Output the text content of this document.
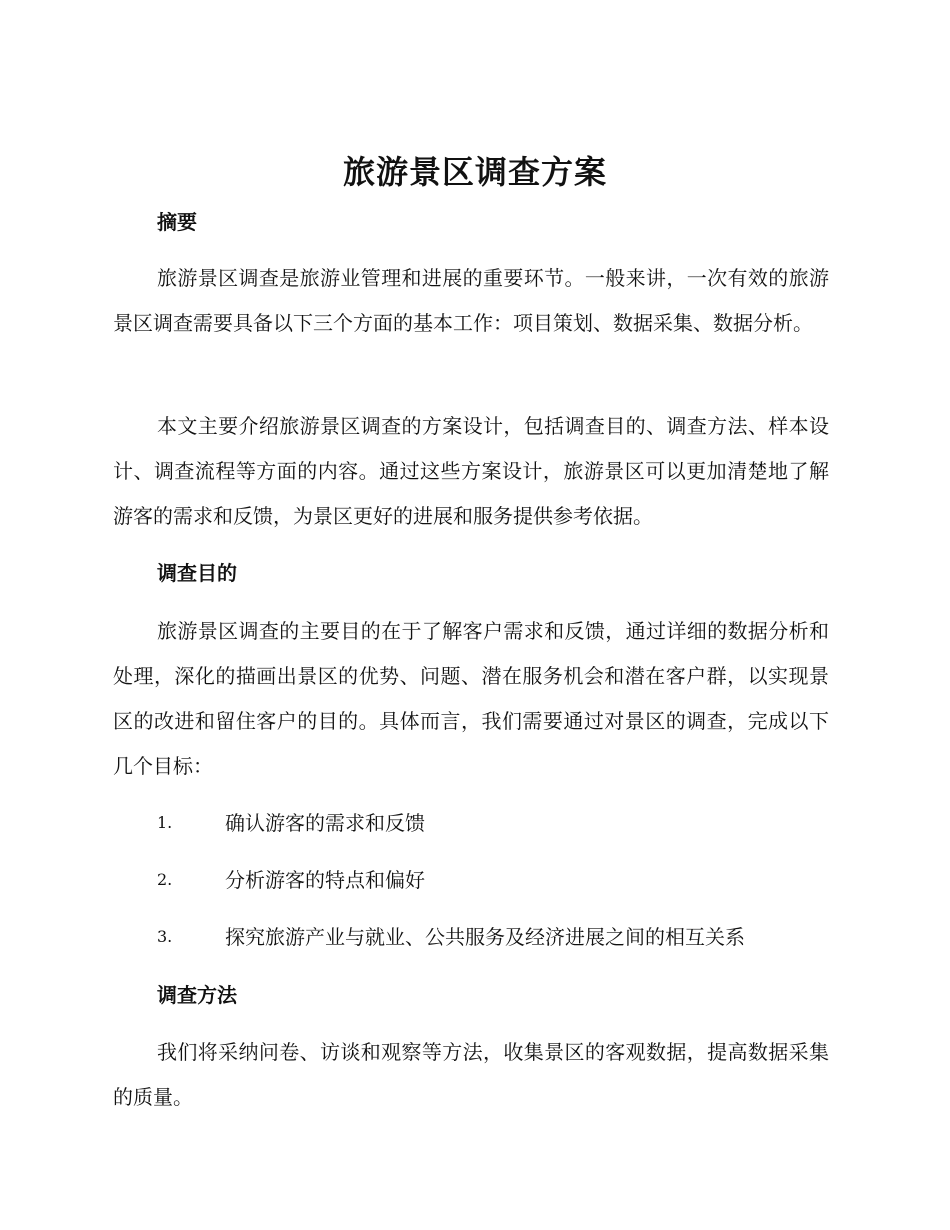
旅游景区调查方案
摘要

旅游景区调查是旅游业管理和进展的重要环节。一般来讲，一次有效的旅游景区调查需要具备以下三个方面的基本工作：项目策划、数据采集、数据分析。

本文主要介绍旅游景区调查的方案设计，包括调查目的、调查方法、样本设计、调查流程等方面的内容。通过这些方案设计，旅游景区可以更加清楚地了解游客的需求和反馈，为景区更好的进展和服务提供参考依据。

调查目的

旅游景区调查的主要目的在于了解客户需求和反馈，通过详细的数据分析和处理，深化的描画出景区的优势、问题、潜在服务机会和潜在客户群，以实现景区的改进和留住客户的目的。具体而言，我们需要通过对景区的调查，完成以下几个目标：

1.	确认游客的需求和反馈
2.	分析游客的特点和偏好
3.	探究旅游产业与就业、公共服务及经济进展之间的相互关系
调查方法

我们将采纳问卷、访谈和观察等方法，收集景区的客观数据，提高数据采集的质量。
